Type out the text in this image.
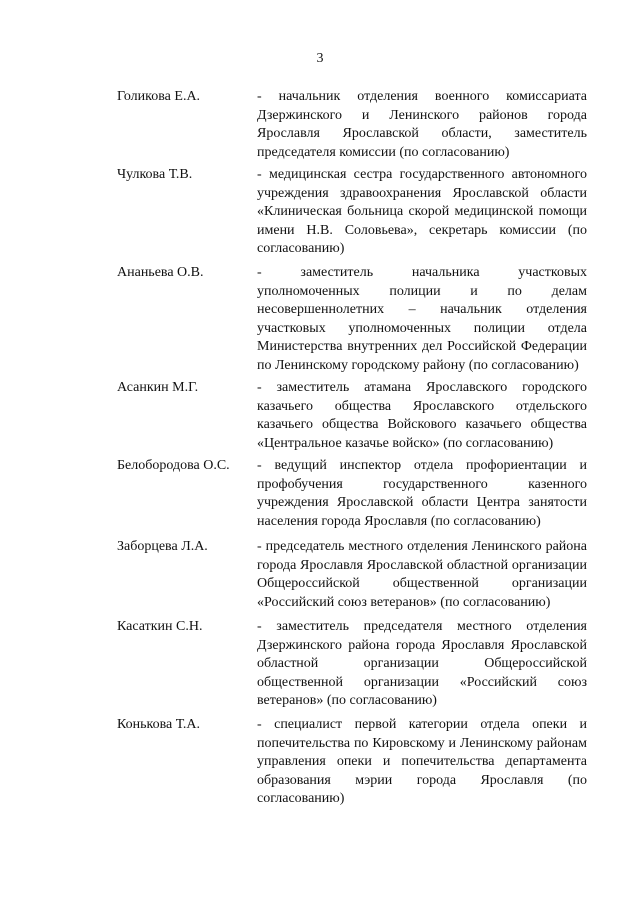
3
Голикова Е.А.	- начальник отделения военного комиссариата Дзержинского и Ленинского районов города Ярославля Ярославской области, заместитель председателя комиссии (по согласованию)
Чулкова Т.В.	- медицинская сестра государственного автономного учреждения здравоохранения Ярославской области «Клиническая больница скорой медицинской помощи имени Н.В. Соловьева», секретарь комиссии (по согласованию)
Ананьева О.В.	- заместитель начальника участковых уполномоченных полиции и по делам несовершеннолетних – начальник отделения участковых уполномоченных полиции отдела Министерства внутренних дел Российской Федерации по Ленинскому городскому району (по согласованию)
Асанкин М.Г.	- заместитель атамана Ярославского городского казачьего общества Ярославского отдельского казачьего общества Войскового казачьего общества «Центральное казачье войско» (по согласованию)
Белобородова О.С.	- ведущий инспектор отдела профориентации и профобучения государственного казенного учреждения Ярославской области Центра занятости населения города Ярославля (по согласованию)
Заборцева Л.А.	- председатель местного отделения Ленинского района города Ярославля Ярославской областной организации Общероссийской общественной организации «Российский союз ветеранов» (по согласованию)
Касаткин С.Н.	- заместитель председателя местного отделения Дзержинского района города Ярославля Ярославской областной организации Общероссийской общественной организации «Российский союз ветеранов» (по согласованию)
Конькова Т.А.	- специалист первой категории отдела опеки и попечительства по Кировскому и Ленинскому районам управления опеки и попечительства департамента образования мэрии города Ярославля (по согласованию)
